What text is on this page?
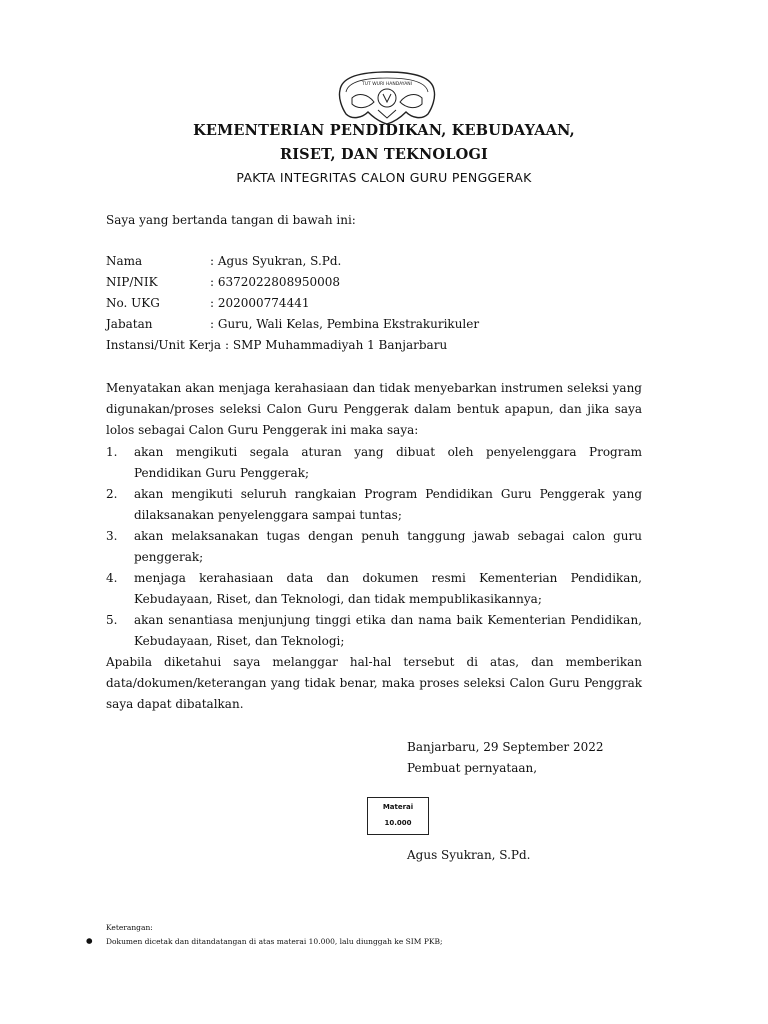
TUT WURI HANDAYANI
KEMENTERIAN PENDIDIKAN, KEBUDAYAAN,
RISET, DAN TEKNOLOGI
PAKTA INTEGRITAS CALON GURU PENGGERAK
Saya yang bertanda tangan di bawah ini:
Nama	: Agus Syukran, S.Pd.
NIP/NIK	: 6372022808950008
No. UKG	: 202000774441
Jabatan	: Guru, Wali Kelas, Pembina Ekstrakurikuler
Instansi/Unit Kerja : SMP Muhammadiyah 1 Banjarbaru
Menyatakan akan menjaga kerahasiaan dan tidak menyebarkan instrumen seleksi yang digunakan/proses seleksi Calon Guru Penggerak dalam bentuk apapun, dan jika saya lolos sebagai Calon Guru Penggerak ini maka saya:
1. akan mengikuti segala aturan yang dibuat oleh penyelenggara Program Pendidikan Guru Penggerak;
2. akan mengikuti seluruh rangkaian Program Pendidikan Guru Penggerak yang dilaksanakan penyelenggara sampai tuntas;
3. akan melaksanakan tugas dengan penuh tanggung jawab sebagai calon guru penggerak;
4. menjaga kerahasiaan data dan dokumen resmi Kementerian Pendidikan, Kebudayaan, Riset, dan Teknologi, dan tidak mempublikasikannya;
5. akan senantiasa menjunjung tinggi etika dan nama baik Kementerian Pendidikan, Kebudayaan, Riset, dan Teknologi;
Apabila diketahui saya melanggar hal-hal tersebut di atas, dan memberikan data/dokumen/keterangan yang tidak benar, maka proses seleksi Calon Guru Penggrak saya dapat dibatalkan.
Banjarbaru, 29 September 2022
Pembuat pernyataan,
Materai
10.000
Agus Syukran, S.Pd.
Keterangan:
● Dokumen dicetak dan ditandatangan di atas materai 10.000, lalu diunggah ke SIM PKB;
